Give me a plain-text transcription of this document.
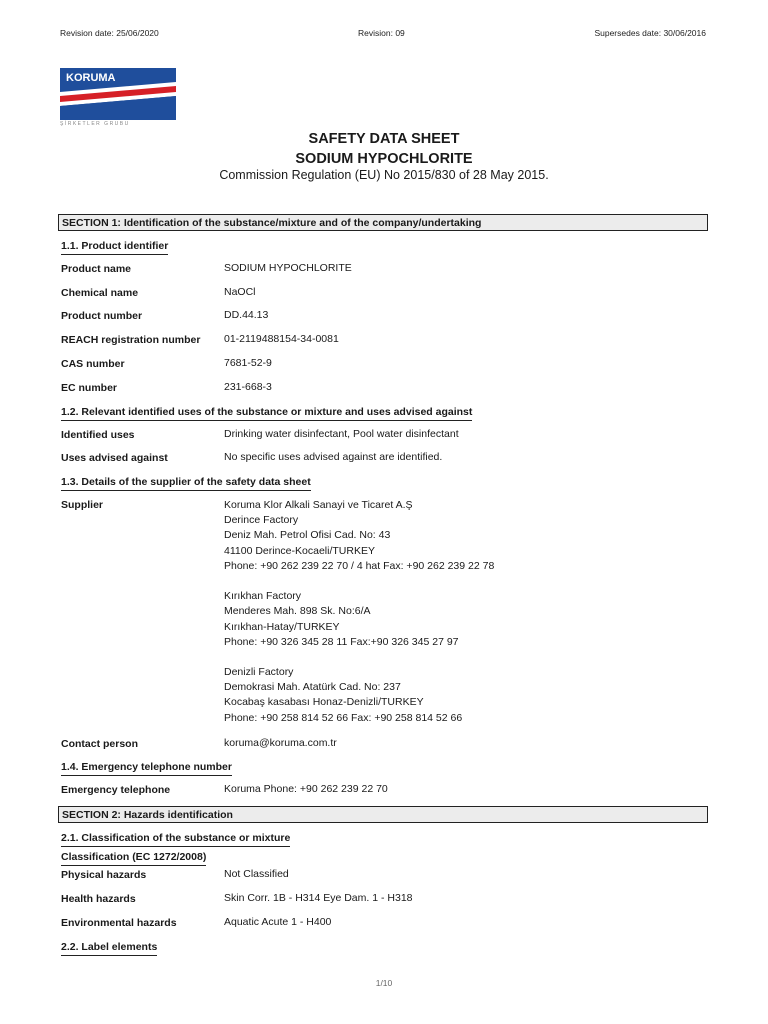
Revision date: 25/06/2020	Revision: 09	Supersedes date: 30/06/2016
KORUMA
ŞİRKETLER GRUBU
SAFETY DATA SHEET
SODIUM HYPOCHLORITE
Commission Regulation (EU) No 2015/830 of 28 May 2015.
SECTION 1: Identification of the substance/mixture and of the company/undertaking
1.1. Product identifier
Product name	SODIUM HYPOCHLORITE
Chemical name	NaOCl
Product number	DD.44.13
REACH registration number 01-2119488154-34-0081
CAS number	7681-52-9
EC number	231-668-3
1.2. Relevant identified uses of the substance or mixture and uses advised against
Identified uses	Drinking water disinfectant, Pool water disinfectant
Uses advised against	No specific uses advised against are identified.
1.3. Details of the supplier of the safety data sheet
Supplier	Koruma Klor Alkali Sanayi ve Ticaret A.Ş
Derince Factory
Deniz Mah. Petrol Ofisi Cad. No: 43
41100 Derince-Kocaeli/TURKEY
Phone: +90 262 239 22 70 / 4 hat Fax: +90 262 239 22 78
Kırıkhan Factory
Menderes Mah. 898 Sk. No:6/A
Kırıkhan-Hatay/TURKEY
Phone: +90 326 345 28 11 Fax:+90 326 345 27 97
Denizli Factory
Demokrasi Mah. Atatürk Cad. No: 237
Kocabaş kasabası Honaz-Denizli/TURKEY
Phone: +90 258 814 52 66 Fax: +90 258 814 52 66
Contact person	koruma@koruma.com.tr
1.4. Emergency telephone number
Emergency telephone	Koruma Phone: +90 262 239 22 70
SECTION 2: Hazards identification
2.1. Classification of the substance or mixture
Classification (EC 1272/2008)
Physical hazards	Not Classified
Health hazards	Skin Corr. 1B - H314 Eye Dam. 1 - H318
Environmental hazards	Aquatic Acute 1 - H400
2.2. Label elements
1/10
